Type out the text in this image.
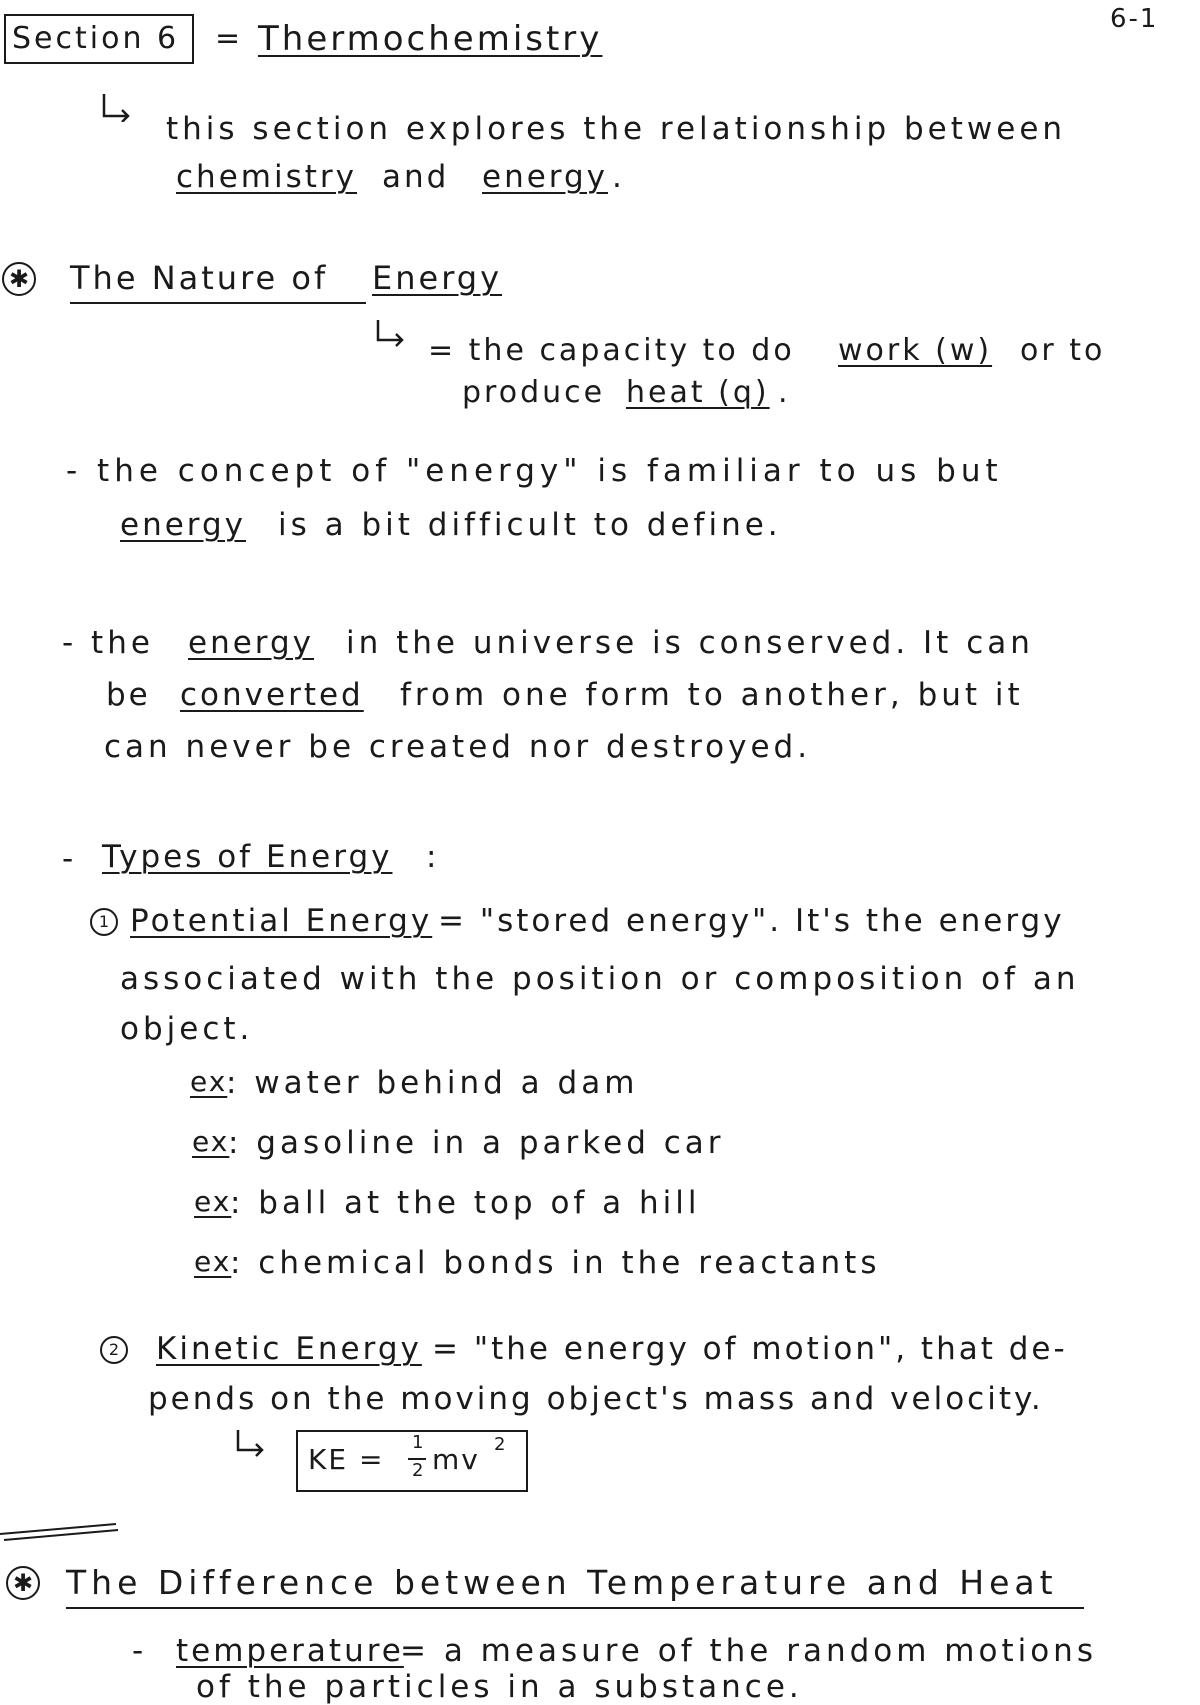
6-1
Section 6 = Thermochemistry
this section explores the relationship between
chemistry and energy .
✱ The Nature of	Energy
= the capacity to do work (w) or to
produce heat (q) .
- the concept of "energy" is familiar to us but
energy is a bit difficult to define.
- the energy in the universe is conserved. It can
be converted from one form to another, but it
can never be created nor destroyed.
- Types of Energy :
1 Potential Energy = "stored energy". It's the energy
associated with the position or composition of an
object.
ex
: water behind a dam
ex
: gasoline in a parked car
ex
: ball at the top of a hill
ex
: chemical bonds in the reactants
2 Kinetic Energy = "the energy of motion", that de-
pends on the moving object's mass and velocity.
KE =
1
2 mv 2
✱ The Difference between Temperature and Heat
- temperature
= a measure of the random motions
of the particles in a substance.
